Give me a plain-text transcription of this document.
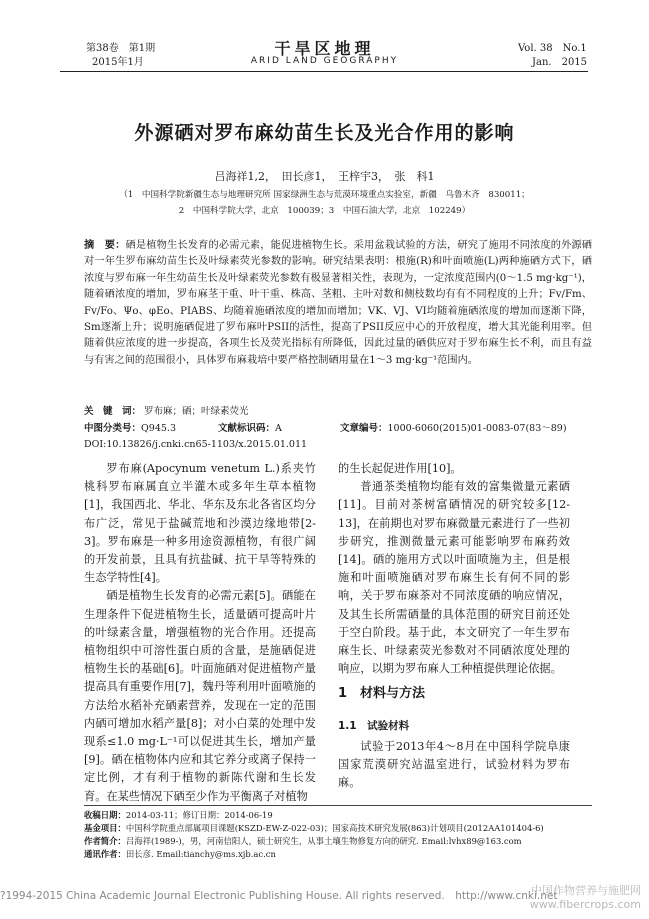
第38卷　第1期
2015年1月
干旱区地理
ARID LAND GEOGRAPHY
Vol. 38　No.1
Jan.　2015
外源硒对罗布麻幼苗生长及光合作用的影响
吕海祥1,2，　田长彦1，　王梓宇3，　张　科1
（1　中国科学院新疆生态与地理研究所 国家绿洲生态与荒漠环境重点实验室，新疆　乌鲁木齐　830011；
2　中国科学院大学，北京　100039；3　中国石油大学，北京　102249）
摘　要：硒是植物生长发育的必需元素，能促进植物生长。采用盆栽试验的方法，研究了施用不同浓度的外源硒对一年生罗布麻幼苗生长及叶绿素荧光参数的影响。研究结果表明：根施(R)和叶面喷施(L)两种施硒方式下，硒浓度与罗布麻一年生幼苗生长及叶绿素荧光参数有极显著相关性，表现为，一定浓度范围内(0～1.5 mg·kg⁻¹)，随着硒浓度的增加，罗布麻茎干重、叶干重、株高、茎粗、主叶对数和侧枝数均有有不同程度的上升；Fv/Fm、Fv/Fo、Ψo、φEo、PIABS、均随着施硒浓度的增加而增加；VK、VJ、VI均随着施硒浓度的增加而逐渐下降，Sm逐渐上升；说明施硒促进了罗布麻叶PSII的活性，提高了PSII反应中心的开放程度，增大其光能利用率。但随着供应浓度的进一步提高，各项生长及荧光指标有所降低，因此过量的硒供应对于罗布麻生长不利，而且有益与有害之间的范围很小，具体罗布麻栽培中要严格控制硒用量在1～3 mg·kg⁻¹范围内。
关　键　词： 罗布麻；硒；叶绿素荧光
中图分类号：Q945.3	文献标识码：A	文章编号：1000-6060(2015)01-0083-07(83～89)
DOI:10.13826/j.cnki.cn65-1103/x.2015.01.011

罗布麻(Apocynum venetum L.)系夹竹桃科罗布麻属直立半灌木或多年生草本植物[1]，我国西北、华北、华东及东北各省区均分布广泛，常见于盐碱荒地和沙漠边缘地带[2-3]。罗布麻是一种多用途资源植物，有很广阔的开发前景，且具有抗盐碱、抗干旱等特殊的生态学特性[4]。

硒是植物生长发育的必需元素[5]。硒能在生理条件下促进植物生长，适量硒可提高叶片的叶绿素含量，增强植物的光合作用。还提高植物组织中可溶性蛋白质的含量，是施硒促进植物生长的基础[6]。叶面施硒对促进植物产量提高具有重要作用[7]，魏丹等利用叶面喷施的方法给水稻补充硒素营养，发现在一定的范围内硒可增加水稻产量[8]；对小白菜的处理中发现系≤1.0 mg·L⁻¹可以促进其生长，增加产量[9]。硒在植物体内应和其它养分或离子保持一定比例，才有利于植物的新陈代谢和生长发育。在某些情况下硒至少作为平衡离子对植物

的生长起促进作用[10]。

普通茶类植物均能有效的富集微量元素硒[11]。目前对茶树富硒情况的研究较多[12-13]，在前期也对罗布麻微量元素进行了一些初步研究，推测微量元素可能影响罗布麻药效[14]。硒的施用方式以叶面喷施为主，但是根施和叶面喷施硒对罗布麻生长有何不同的影响，关于罗布麻茶对不同浓度硒的响应情况，及其生长所需硒量的具体范围的研究目前还处于空白阶段。基于此，本文研究了一年生罗布麻生长、叶绿素荧光参数对不同硒浓度处理的响应，以期为罗布麻人工种植提供理论依据。

1　材料与方法
1.1　试验材料

试验于2013年4～8月在中国科学院阜康国家荒漠研究站温室进行，试验材料为罗布麻。

收稿日期：2014-03-11；修订日期：2014-06-19
基金项目：中国科学院重点部属项目课题(KSZD-EW-Z-022-03)；国家高技术研究发展(863)计划项目(2012AA101404-6)
作者简介：吕海祥(1989-)，男，河南信阳人，硕士研究生，从事土壤生物修复方向的研究. Email:lvhx89@163.com
通讯作者：田长彦. Email:tianchy@ms.xjb.ac.cn
?1994-2015 China Academic Journal Electronic Publishing House. All rights reserved.　http://www.cnki.net
中国作物营养与施肥网
www.fibercrops.com
